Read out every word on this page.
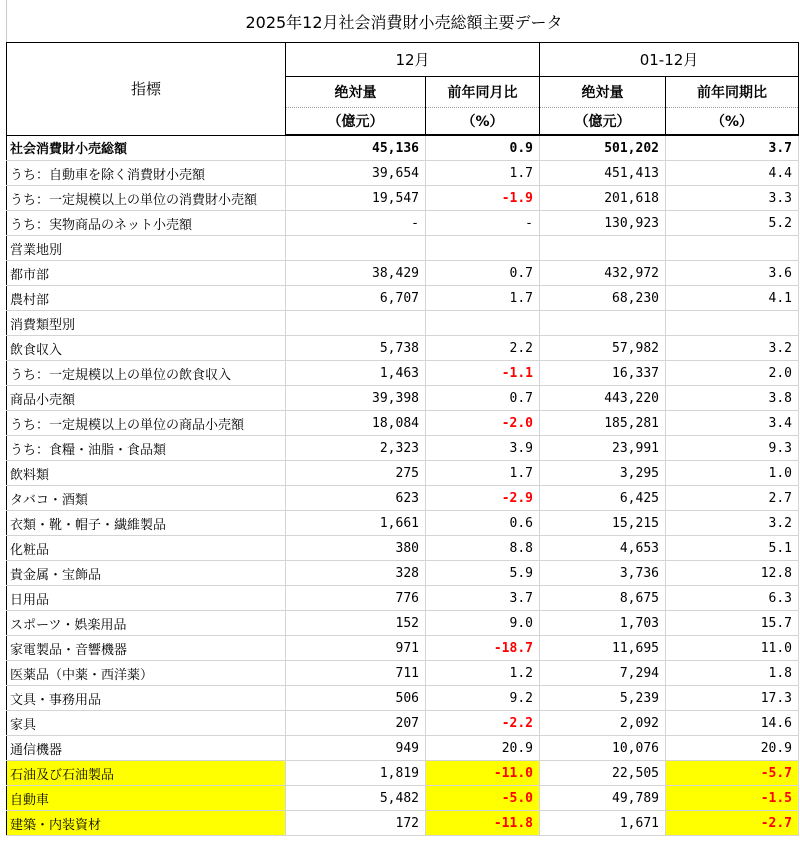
2025年12月社会消費財小売総額主要データ
指標	12月		01-12月	
	绝対量	前年同月比	绝対量	前年同期比
	（億元）	（%）	（億元）	（%）
社会消費財小売総額	45,136	0.9	501,202	3.7
うち：自動車を除く消費財小売額	39,654	1.7	451,413	4.4
うち：一定規模以上の単位の消費財小売額	19,547	-1.9	201,618	3.3
うち：実物商品のネット小売額	-	-	130,923	5.2
営業地別				
都市部	38,429	0.7	432,972	3.6
農村部	6,707	1.7	68,230	4.1
消費類型別				
飲食収入	5,738	2.2	57,982	3.2
うち：一定規模以上の単位の飲食収入	1,463	-1.1	16,337	2.0
商品小売額	39,398	0.7	443,220	3.8
うち：一定規模以上の単位の商品小売額	18,084	-2.0	185,281	3.4
うち：食糧・油脂・食品類	2,323	3.9	23,991	9.3
飲料類	275	1.7	3,295	1.0
タバコ・酒類	623	-2.9	6,425	2.7
衣類・靴・帽子・繊維製品	1,661	0.6	15,215	3.2
化粧品	380	8.8	4,653	5.1
貴金属・宝飾品	328	5.9	3,736	12.8
日用品	776	3.7	8,675	6.3
スポーツ・娯楽用品	152	9.0	1,703	15.7
家電製品・音響機器	971	-18.7	11,695	11.0
医薬品（中薬・西洋薬）	711	1.2	7,294	1.8
文具・事務用品	506	9.2	5,239	17.3
家具	207	-2.2	2,092	14.6
通信機器	949	20.9	10,076	20.9
石油及び石油製品	1,819	-11.0	22,505	-5.7
自動車	5,482	-5.0	49,789	-1.5
建築・内装資材	172	-11.8	1,671	-2.7
